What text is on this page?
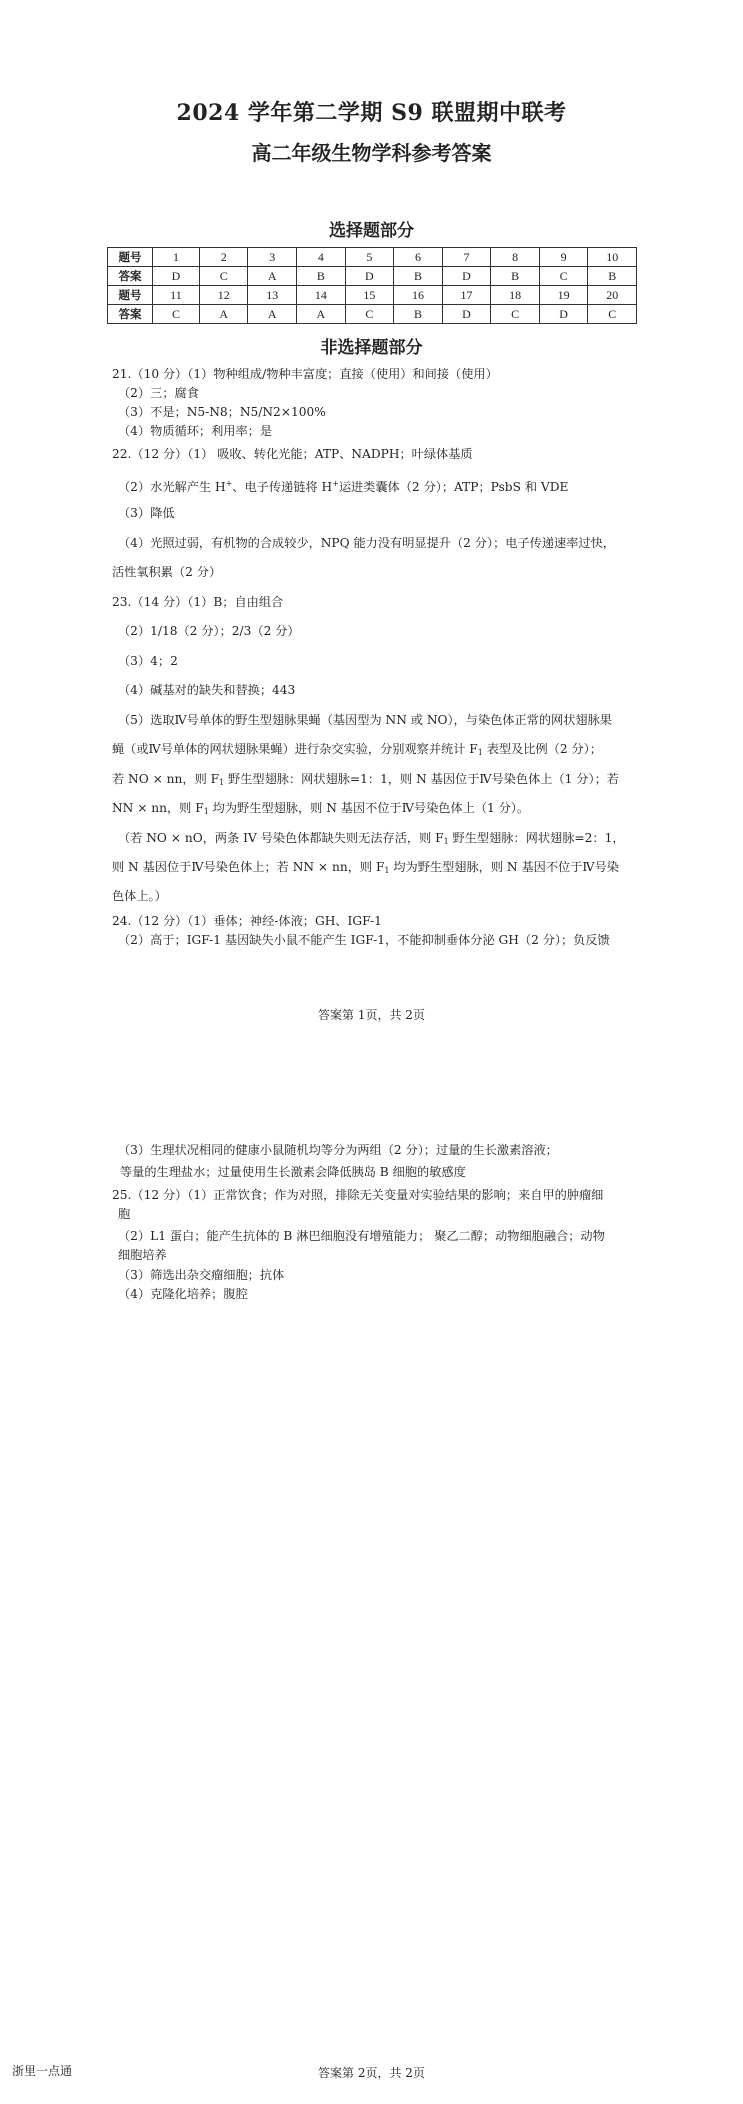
2024 学年第二学期 S9 联盟期中联考
高二年级生物学科参考答案
选择题部分
题号	1	2	3	4	5	6	7	8	9	10
答案	D	C	A	B	D	B	D	B	C	B
题号	11	12	13	14	15	16	17	18	19	20
答案	C	A	A	A	C	B	D	C	D	C
非选择题部分
21.（10 分）（1）物种组成/物种丰富度；直接（使用）和间接（使用）
（2）三；腐食
（3）不是；N5-N8；N5/N2×100%
（4）物质循环；利用率；是
22.（12 分）（1） 吸收、转化光能；ATP、NADPH；叶绿体基质
（2）水光解产生 H+、电子传递链将 H+运进类囊体（2 分）；ATP；PsbS 和 VDE
（3）降低
（4）光照过弱，有机物的合成较少，NPQ 能力没有明显提升（2 分）；电子传递速率过快，
活性氧积累（2 分）
23.（14 分）（1）B；自由组合
（2）1/18（2 分）；2/3（2 分）
（3）4；2
（4）碱基对的缺失和替换；443
（5）选取Ⅳ号单体的野生型翅脉果蝇（基因型为 NN 或 NO），与染色体正常的网状翅脉果
蝇（或Ⅳ号单体的网状翅脉果蝇）进行杂交实验，分别观察并统计 $F_1$ 表型及比例（2 分）；
若 NO × nn，则 $F_1$ 野生型翅脉：网状翅脉=1：1，则 N 基因位于Ⅳ号染色体上（1 分）；若
NN × nn，则 $F_1$ 均为野生型翅脉，则 N 基因不位于Ⅳ号染色体上（1 分）。
（若 NO × nO，两条 IV 号染色体都缺失则无法存活，则 $F_1$ 野生型翅脉：网状翅脉=2：1，
则 N 基因位于Ⅳ号染色体上；若 NN × nn，则 $F_1$ 均为野生型翅脉，则 N 基因不位于Ⅳ号染
色体上。）
24.（12 分）（1）垂体；神经-体液；GH、IGF-1
（2）高于；IGF-1 基因缺失小鼠不能产生 IGF-1，不能抑制垂体分泌 GH（2 分）；负反馈
答案第 1页，共 2页
（3）生理状况相同的健康小鼠随机均等分为两组（2 分）；过量的生长激素溶液；
等量的生理盐水；过量使用生长激素会降低胰岛 B 细胞的敏感度
25.（12 分）（1）正常饮食；作为对照，排除无关变量对实验结果的影响；来自甲的肿瘤细
胞
（2）L1 蛋白；能产生抗体的 B 淋巴细胞没有增殖能力； 聚乙二醇；动物细胞融合；动物
细胞培养
（3）筛选出杂交瘤细胞；抗体
（4）克隆化培养；腹腔
浙里一点通	答案第 2页，共 2页
